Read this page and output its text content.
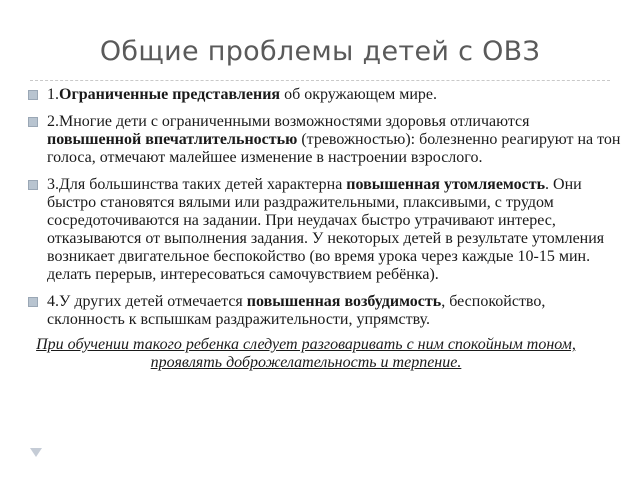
Общие проблемы детей с ОВЗ
1.Ограниченные представления об окружающем мире.
2.Многие дети с ограниченными возможностями здоровья отличаются повышенной впечатлительностью (тревожностью): болезненно реагируют на тон голоса, отмечают малейшее изменение в настроении взрослого.
3.Для большинства таких детей характерна повышенная утомляемость. Они быстро становятся вялыми или раздражительными, плаксивыми, с трудом сосредоточиваются на задании. При неудачах быстро утрачивают интерес, отказываются от выполнения задания. У некоторых детей в результате утомления возникает двигательное беспокойство (во время урока через каждые 10-15 мин. делать перерыв, интересоваться самочувствием ребёнка).
4.У других детей отмечается повышенная возбудимость, беспокойство, склонность к вспышкам раздражительности, упрямству.
При обучении такого ребенка следует разговаривать с ним спокойным тоном, проявлять доброжелательность и терпение.
